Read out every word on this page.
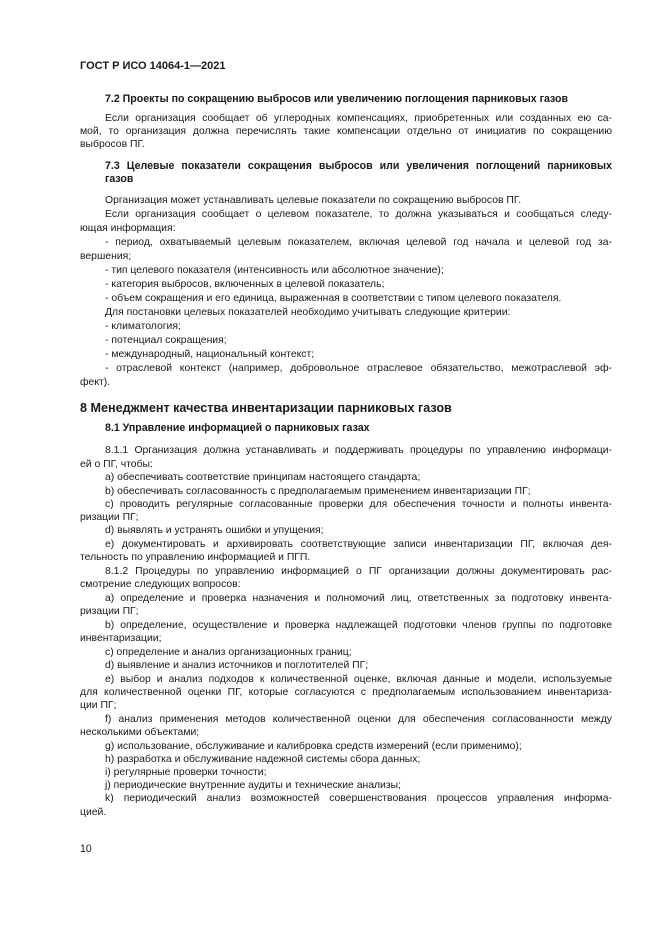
ГОСТ Р ИСО 14064-1—2021

7.2 Проекты по сокращению выбросов или увеличению поглощения парниковых газов

Если организация сообщает об углеродных компенсациях, приобретенных или созданных ею са-

мой, то организация должна перечислять такие компенсации отдельно от инициатив по сокращению

выбросов ПГ.

7.3 Целевые показатели сокращения выбросов или увеличения поглощений парниковых

газов

Организация может устанавливать целевые показатели по сокращению выбросов ПГ.

Если организация сообщает о целевом показателе, то должна указываться и сообщаться следу-

ющая информация:

- период, охватываемый целевым показателем, включая целевой год начала и целевой год за-

вершения;

- тип целевого показателя (интенсивность или абсолютное значение);

- категория выбросов, включенных в целевой показатель;

- объем сокращения и его единица, выраженная в соответствии с типом целевого показателя.

Для постановки целевых показателей необходимо учитывать следующие критерии:

- климатология;

- потенциал сокращения;

- международный, национальный контекст;

- отраслевой контекст (например, добровольное отраслевое обязательство, межотраслевой эф-

фект).

8 Менеджмент качества инвентаризации парниковых газов

8.1 Управление информацией о парниковых газах

8.1.1 Организация должна устанавливать и поддерживать процедуры по управлению информаци-

ей о ПГ, чтобы:

a) обеспечивать соответствие принципам настоящего стандарта;

b) обеспечивать согласованность с предполагаемым применением инвентаризации ПГ;

c) проводить регулярные согласованные проверки для обеспечения точности и полноты инвента-

ризации ПГ;

d) выявлять и устранять ошибки и упущения;

e) документировать и архивировать соответствующие записи инвентаризации ПГ, включая дея-

тельность по управлению информацией и ПГП.

8.1.2 Процедуры по управлению информацией о ПГ организации должны документировать рас-

смотрение следующих вопросов:

a) определение и проверка назначения и полномочий лиц, ответственных за подготовку инвента-

ризации ПГ;

b) определение, осуществление и проверка надлежащей подготовки членов группы по подготовке

инвентаризации;

c) определение и анализ организационных границ;

d) выявление и анализ источников и поглотителей ПГ;

e) выбор и анализ подходов к количественной оценке, включая данные и модели, используемые

для количественной оценки ПГ, которые согласуются с предполагаемым использованием инвентаризa-

ции ПГ;

f) анализ применения методов количественной оценки для обеспечения согласованности между

несколькими объектами;

g) использование, обслуживание и калибровка средств измерений (если применимо);

h) разработка и обслуживание надежной системы сбора данных;

i) регулярные проверки точности;

j) периодические внутренние аудиты и технические анализы;

k) периодический анализ возможностей совершенствования процессов управления информа-

цией.

10
